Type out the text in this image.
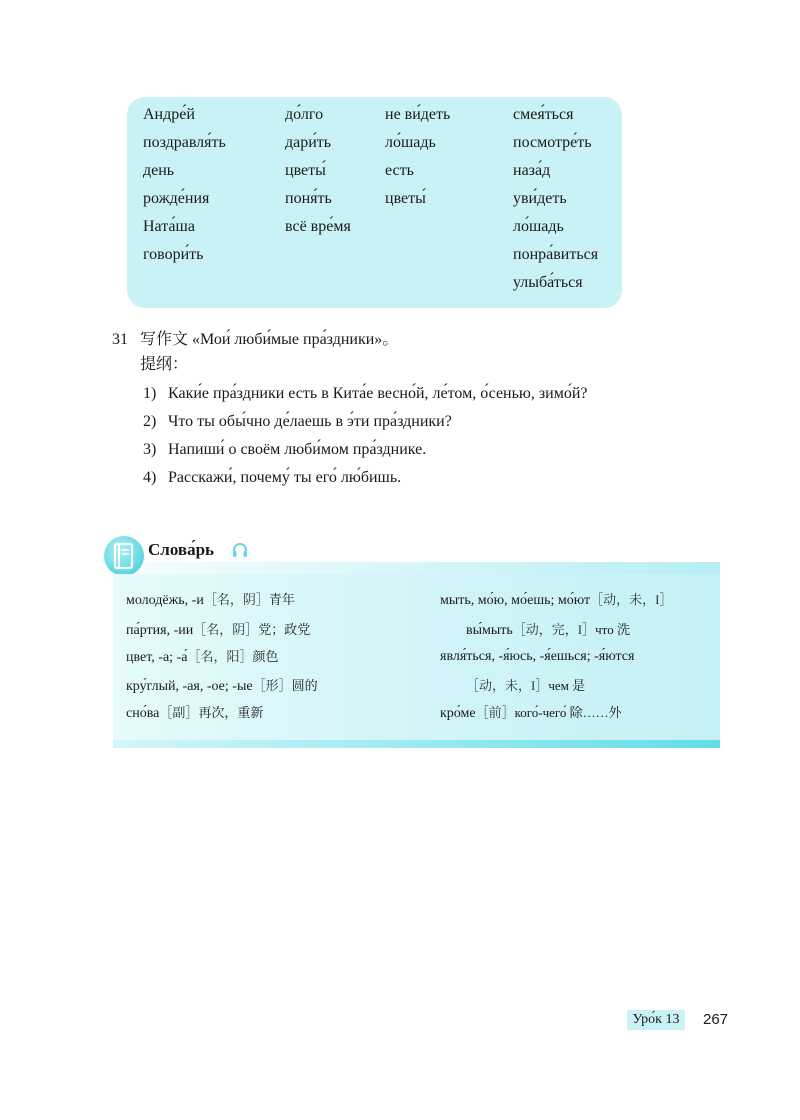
Андре́й
поздравля́ть
день
рожде́ния
Ната́ша
говори́ть
до́лго
дари́ть
цветы́
поня́ть
всё вре́мя
не ви́деть
ло́шадь
есть
цветы́
смея́ться
посмотре́ть
наза́д
уви́деть
ло́шадь
понра́виться
улыба́ться
31 写作文 «Мои́ люби́мые пра́здники»。
提纲：
1) Каки́е пра́здники есть в Кита́е весно́й, ле́том, о́сенью, зимо́й?
2) Что ты обы́чно де́лаешь в э́ти пра́здники?
3) Напиши́ о своём люби́мом пра́зднике.
4) Расскажи́, почему́ ты его́ лю́бишь.
Слова́рь
молодёжь, -и［名，阴］青年
па́ртия, -ии［名，阴］党；政党
цвет, -а; -а́［名，阳］颜色
кру́глый, -ая, -ое; -ые［形］圆的
сно́ва［副］再次，重新
мыть, мо́ю, мо́ешь; мо́ют［动，未，I］
вы́мыть［动，完，I］что 洗
явля́ться, -я́юсь, -я́ешься; -я́ются
［动，未，I］чем 是
кро́ме［前］кого́-чего́ 除……外
Уро́к 13	267
